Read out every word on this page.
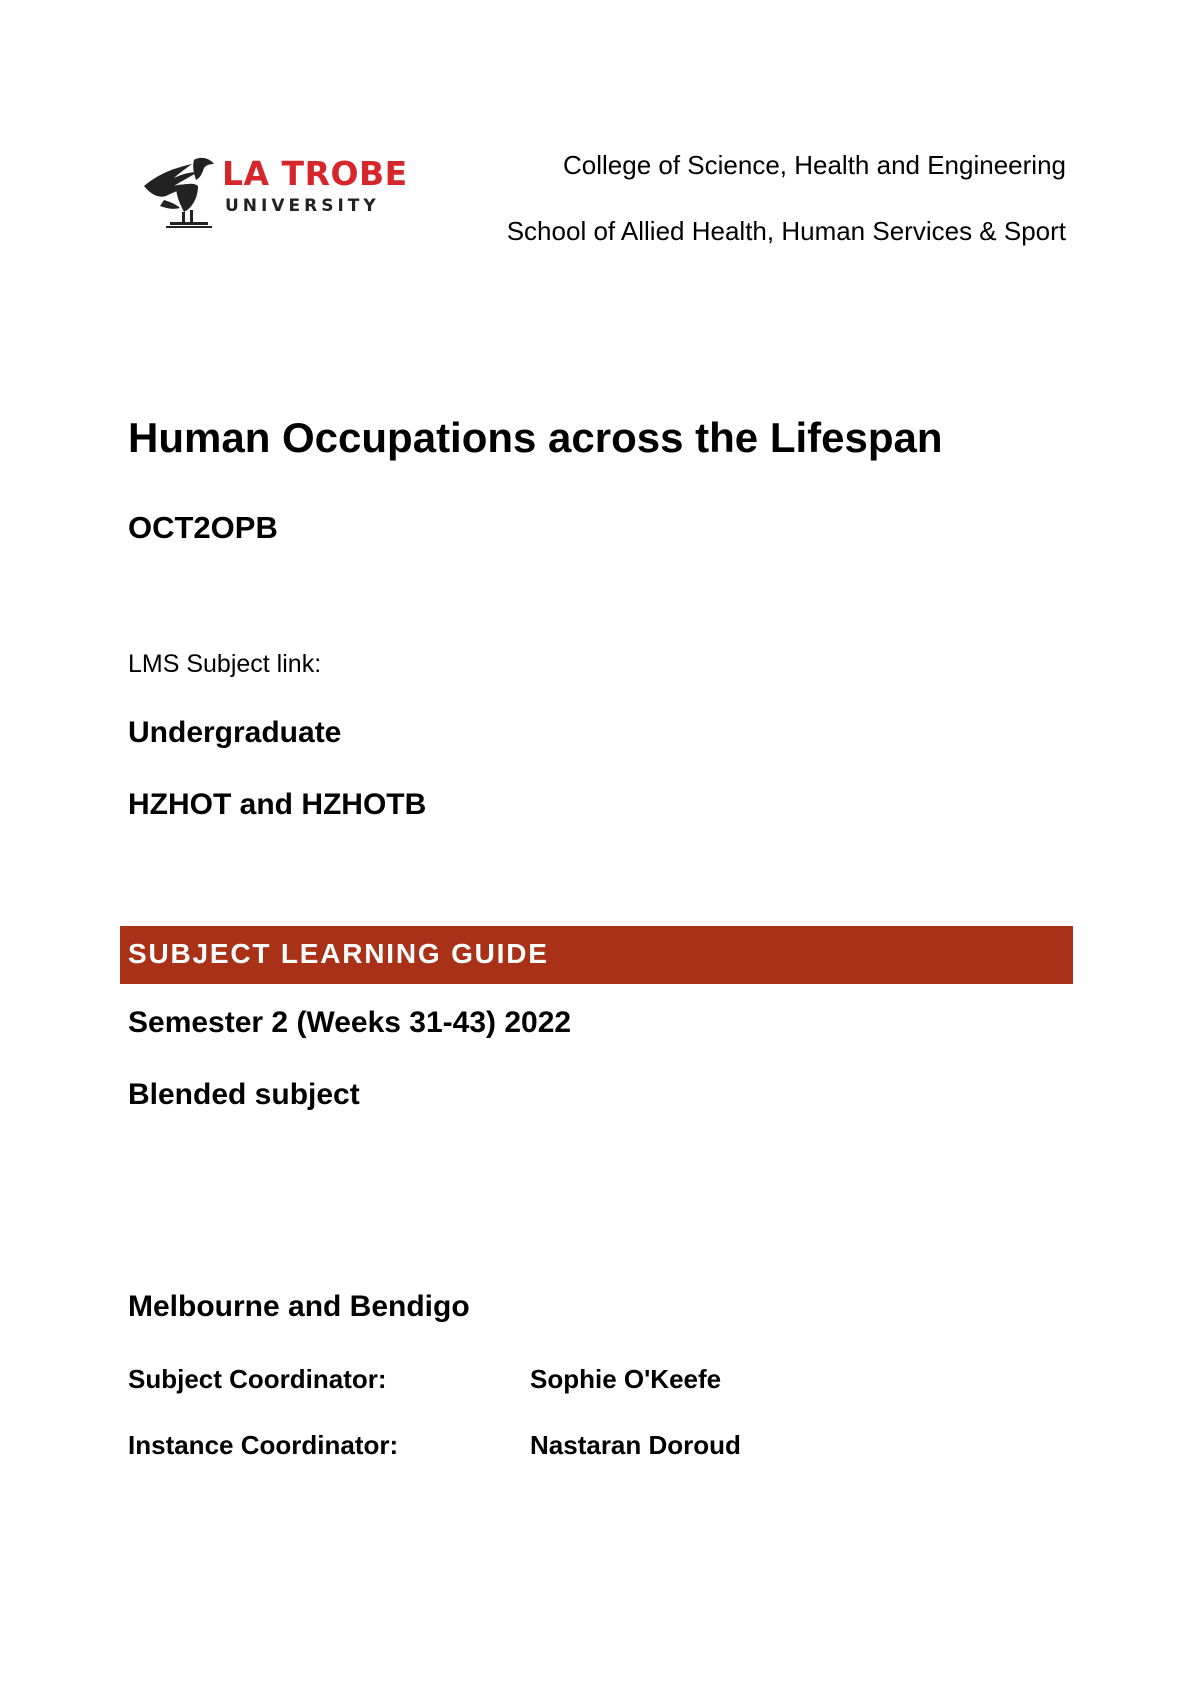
LA TROBE
UNIVERSITY
College of Science, Health and Engineering
School of Allied Health, Human Services & Sport
Human Occupations across the Lifespan
OCT2OPB
LMS Subject link:
Undergraduate
HZHOT and HZHOTB
SUBJECT LEARNING GUIDE
Semester 2 (Weeks 31-43) 2022
Blended subject
Melbourne and Bendigo
Subject Coordinator:	Sophie O'Keefe
Instance Coordinator:	Nastaran Doroud
